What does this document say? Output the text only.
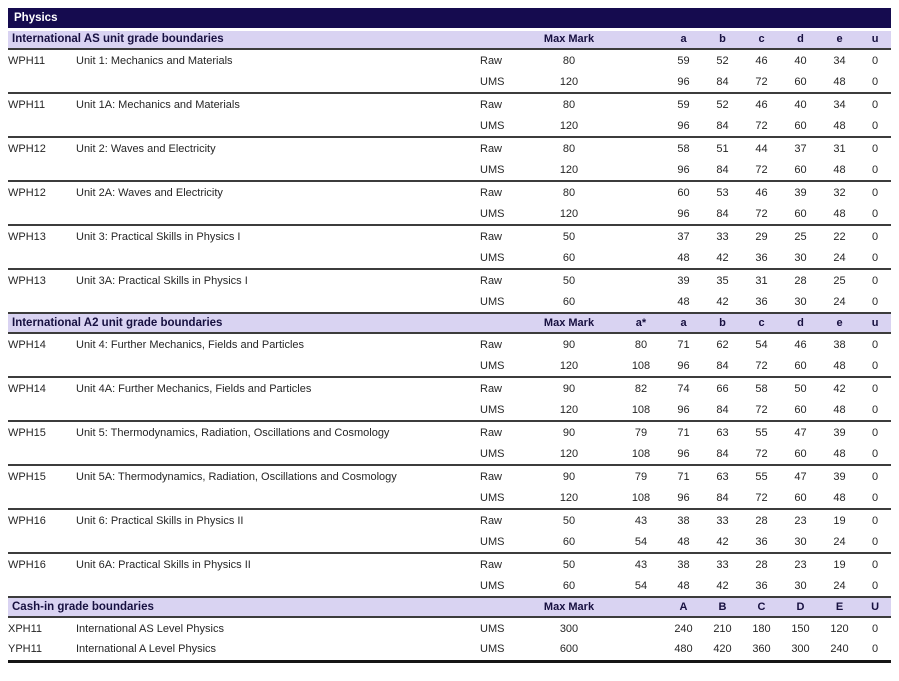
Physics										
International AS unit grade boundaries			Max Mark		a	b	c	d	e	u
WPH11	Unit 1: Mechanics and Materials	Raw	80		59	52	46	40	34	0
		UMS	120		96	84	72	60	48	0
WPH11	Unit 1A: Mechanics and Materials	Raw	80		59	52	46	40	34	0
		UMS	120		96	84	72	60	48	0
WPH12	Unit 2: Waves and Electricity	Raw	80		58	51	44	37	31	0
		UMS	120		96	84	72	60	48	0
WPH12	Unit 2A: Waves and Electricity	Raw	80		60	53	46	39	32	0
		UMS	120		96	84	72	60	48	0
WPH13	Unit 3: Practical Skills in Physics I	Raw	50		37	33	29	25	22	0
		UMS	60		48	42	36	30	24	0
WPH13	Unit 3A: Practical Skills in Physics I	Raw	50		39	35	31	28	25	0
		UMS	60		48	42	36	30	24	0
International A2 unit grade boundaries			Max Mark	a*	a	b	c	d	e	u
WPH14	Unit 4: Further Mechanics, Fields and Particles	Raw	90	80	71	62	54	46	38	0
		UMS	120	108	96	84	72	60	48	0
WPH14	Unit 4A: Further Mechanics, Fields and Particles	Raw	90	82	74	66	58	50	42	0
		UMS	120	108	96	84	72	60	48	0
WPH15	Unit 5: Thermodynamics, Radiation, Oscillations and Cosmology	Raw	90	79	71	63	55	47	39	0
		UMS	120	108	96	84	72	60	48	0
WPH15	Unit 5A: Thermodynamics, Radiation, Oscillations and Cosmology	Raw	90	79	71	63	55	47	39	0
		UMS	120	108	96	84	72	60	48	0
WPH16	Unit 6: Practical Skills in Physics II	Raw	50	43	38	33	28	23	19	0
		UMS	60	54	48	42	36	30	24	0
WPH16	Unit 6A: Practical Skills in Physics II	Raw	50	43	38	33	28	23	19	0
		UMS	60	54	48	42	36	30	24	0
Cash-in grade boundaries			Max Mark		A	B	C	D	E	U
XPH11	International AS Level Physics	UMS	300		240	210	180	150	120	0
YPH11	International A Level Physics	UMS	600		480	420	360	300	240	0
